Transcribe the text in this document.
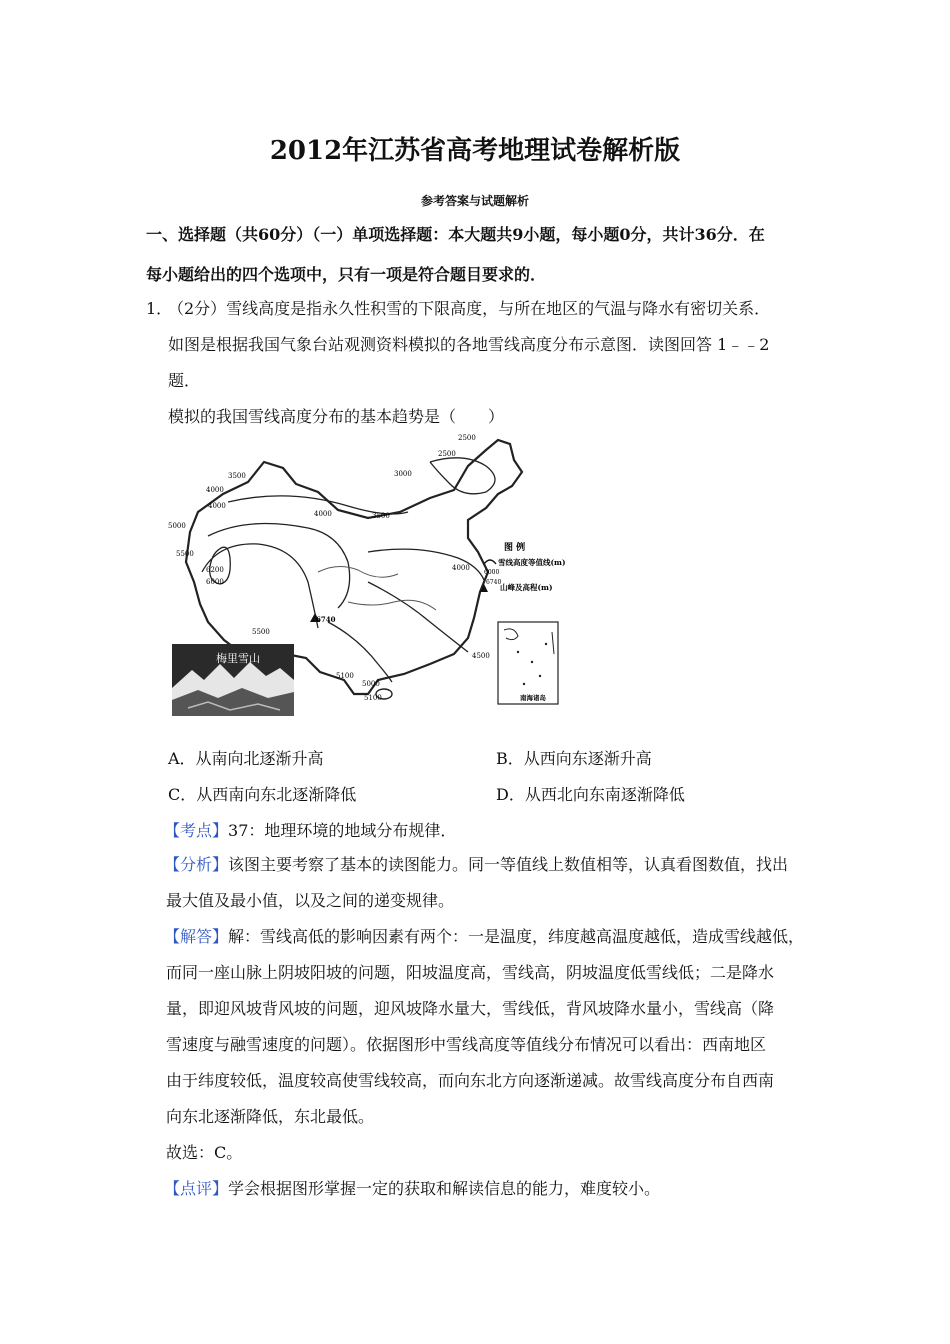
2012年江苏省高考地理试卷解析版
参考答案与试题解析
一、选择题（共60分）（一）单项选择题：本大题共9小题，每小题0分，共计36分．在
每小题给出的四个选项中，只有一项是符合题目要求的．
1．
（2分）雪线高度是指永久性积雪的下限高度，与所在地区的气温与降水有密切关系．
如图是根据我国气象台站观测资料模拟的各地雪线高度分布示意图．读图回答 1﹣﹣2
题．
模拟的我国雪线高度分布的基本趋势是（　　）
2500
2500
3000
3500
4000
4000	3500
4000
5000
5500
6200
6000
5500
4000
4500
5000
5100
5100
6740
图 例
6000
雪线高度等值线(m)
6740
山峰及高程(m)
南海诸岛
梅里雪山
A．从南向北逐渐升高	B．从西向东逐渐升高
C．从西南向东北逐渐降低	D．从西北向东南逐渐降低
【考点】37：地理环境的地域分布规律．
【分析】该图主要考察了基本的读图能力。同一等值线上数值相等，认真看图数值，找出
最大值及最小值，以及之间的递变规律。
【解答】解：雪线高低的影响因素有两个：一是温度，纬度越高温度越低，造成雪线越低，
而同一座山脉上阴坡阳坡的问题，阳坡温度高，雪线高，阴坡温度低雪线低；二是降水
量，即迎风坡背风坡的问题，迎风坡降水量大，雪线低，背风坡降水量小，雪线高（降
雪速度与融雪速度的问题）。依据图形中雪线高度等值线分布情况可以看出：西南地区
由于纬度较低，温度较高使雪线较高，而向东北方向逐渐递减。故雪线高度分布自西南
向东北逐渐降低，东北最低。
故选：C。
【点评】学会根据图形掌握一定的获取和解读信息的能力，难度较小。
